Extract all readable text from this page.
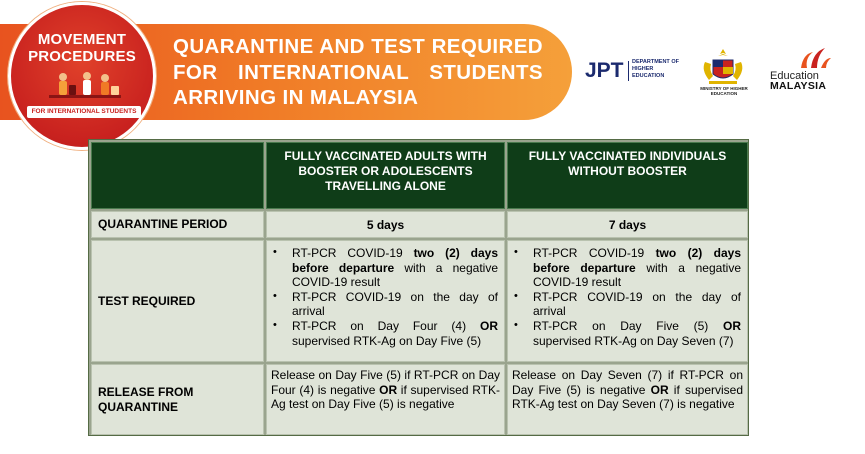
MOVEMENT
PROCEDURES
FOR INTERNATIONAL STUDENTS
QUARANTINE AND TEST REQUIRED
FOR INTERNATIONAL STUDENTS
ARRIVING IN MALAYSIA
JPT DEPARTMENT OF HIGHER EDUCATION
MINISTRY OF HIGHER EDUCATION
Education
MALAYSIA
FULLY VACCINATED ADULTS WITH BOOSTER OR ADOLESCENTS TRAVELLING ALONE
FULLY VACCINATED INDIVIDUALS WITHOUT BOOSTER
QUARANTINE PERIOD	5 days	7 days
TEST REQUIRED
• RT-PCR COVID-19 two (2) days before departure with a negative COVID-19 result
• RT-PCR COVID-19 on the day of arrival
• RT-PCR on Day Four (4) OR supervised RTK-Ag on Day Five (5)
• RT-PCR COVID-19 two (2) days before departure with a negative COVID-19 result
• RT-PCR COVID-19 on the day of arrival
• RT-PCR on Day Five (5) OR supervised RTK-Ag on Day Seven (7)
RELEASE FROM QUARANTINE
Release on Day Five (5) if RT-PCR on Day Four (4) is negative OR if supervised RTK-Ag test on Day Five (5) is negative
Release on Day Seven (7) if RT-PCR on Day Five (5) is negative OR if supervised RTK-Ag test on Day Seven (7) is negative
